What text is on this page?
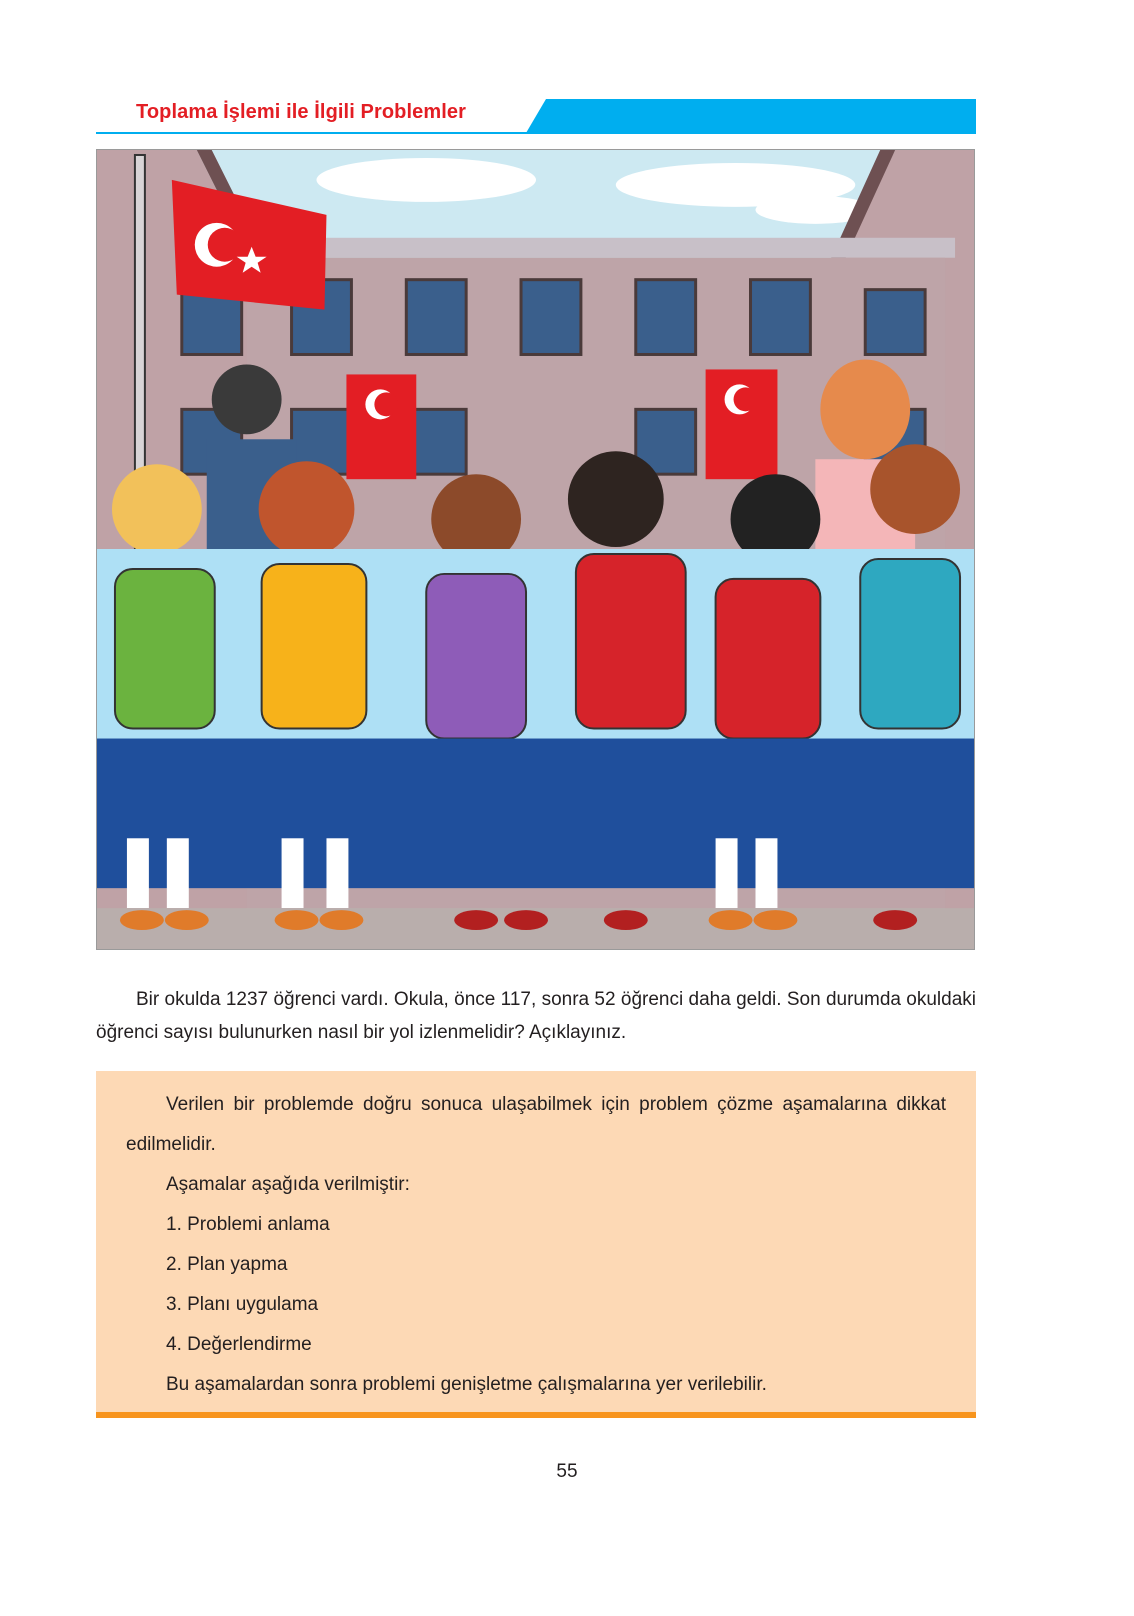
Toplama İşlemi ile İlgili Problemler

Bir okulda 1237 öğrenci vardı. Okula, önce 117, sonra 52 öğrenci daha geldi. Son durumda okuldaki öğrenci sayısı bulunurken nasıl bir yol izlenmelidir? Açıklayınız.

Verilen bir problemde doğru sonuca ulaşabilmek için problem çözme aşamalarına dikkat edilmelidir.

Aşamalar aşağıda verilmiştir:

1. Problemi anlama

2. Plan yapma

3. Planı uygulama

4. Değerlendirme

Bu aşamalardan sonra problemi genişletme çalışmalarına yer verilebilir.

55
